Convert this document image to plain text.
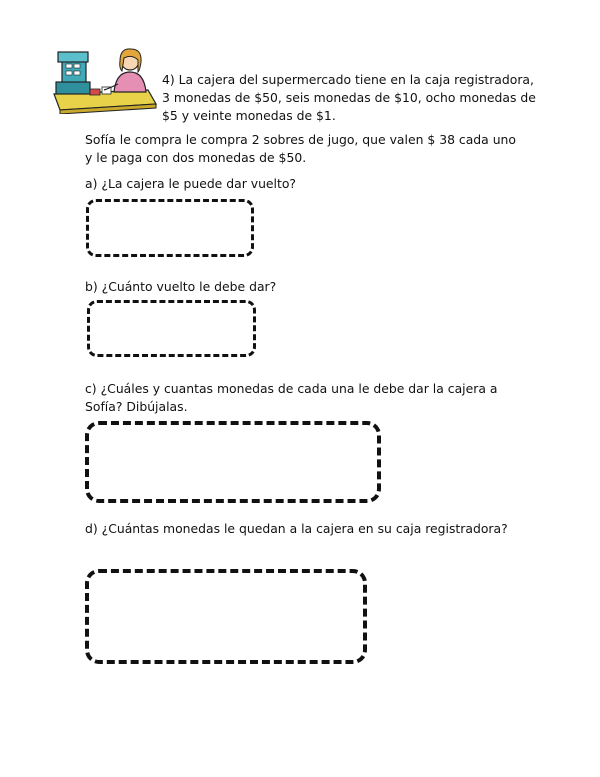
4) La cajera del supermercado tiene en la caja registradora, 3 monedas de $50, seis monedas de $10, ocho monedas de $5 y veinte monedas de $1.

Sofía le compra le compra 2 sobres de jugo, que valen $ 38 cada uno y le paga con dos monedas de $50.

a) ¿La cajera le puede dar vuelto?

b) ¿Cuánto vuelto le debe dar?

c) ¿Cuáles y cuantas monedas de cada una le debe dar la cajera a Sofía? Dibújalas.

d) ¿Cuántas monedas le quedan a la cajera en su caja registradora?
